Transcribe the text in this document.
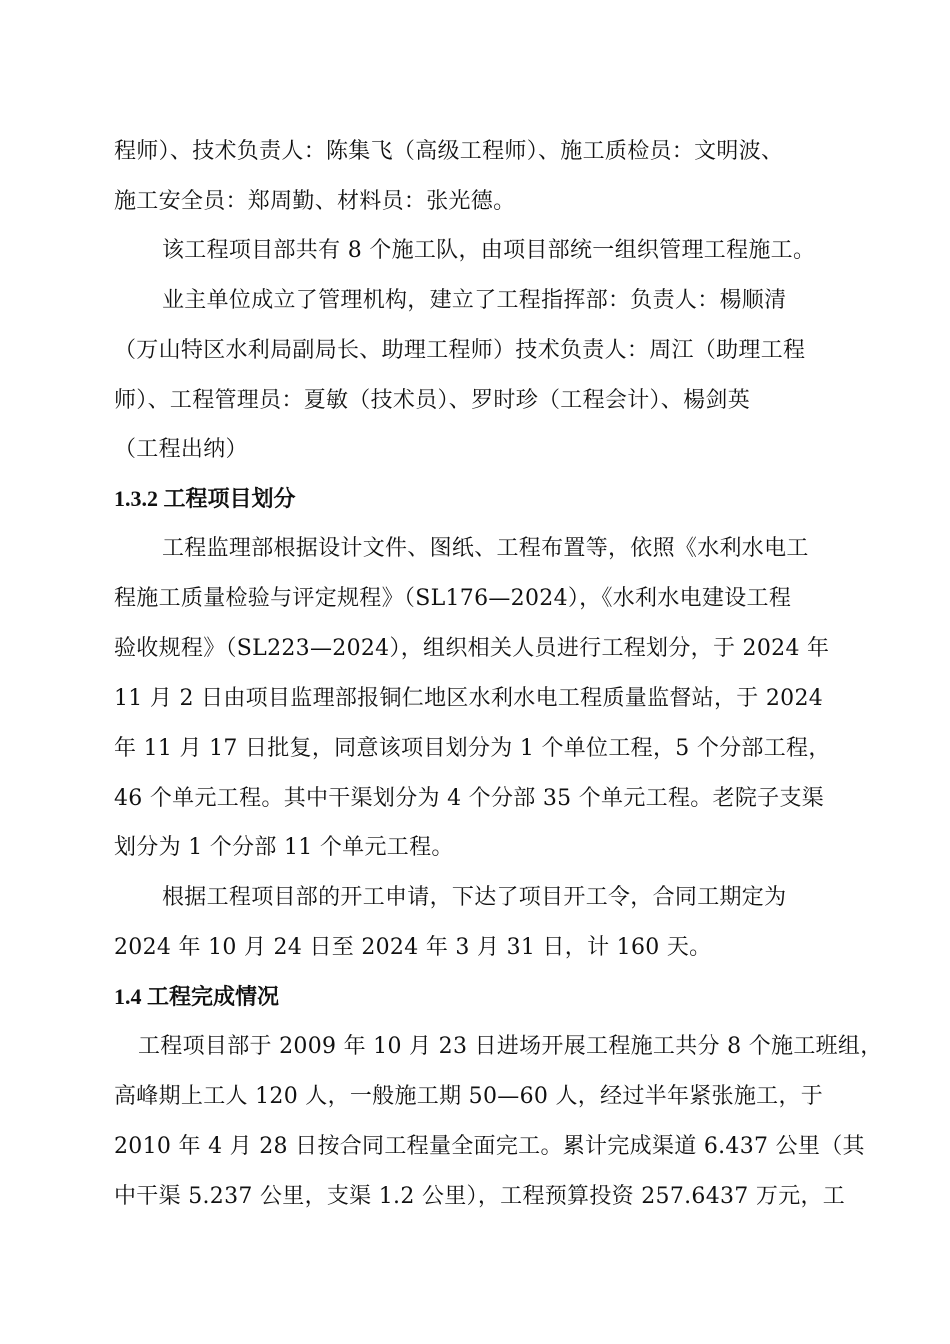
程师）、技术负责人：陈集飞（高级工程师）、施工质检员：文明波、
施工安全员：郑周勤、材料员：张光德。
该工程项目部共有 8 个施工队，由项目部统一组织管理工程施工。
业主单位成立了管理机构，建立了工程指挥部：负责人：楊顺清
（万山特区水利局副局长、助理工程师）技术负责人：周江（助理工程
师）、工程管理员：夏敏（技术员）、罗时珍（工程会计）、楊剑英
（工程出纳）
1.3.2 工程项目划分
工程监理部根据设计文件、图纸、工程布置等，依照《水利水电工
程施工质量检验与评定规程》（SL176—2024），《水利水电建设工程
验收规程》（SL223—2024），组织相关人员进行工程划分，于 2024 年
11 月 2 日由项目监理部报铜仁地区水利水电工程质量监督站，于 2024
年 11 月 17 日批复，同意该项目划分为 1 个单位工程，5 个分部工程，
46 个单元工程。其中干渠划分为 4 个分部 35 个单元工程。老院子支渠
划分为 1 个分部 11 个单元工程。
根据工程项目部的开工申请，下达了项目开工令，合同工期定为
2024 年 10 月 24 日至 2024 年 3 月 31 日，计 160 天。
1.4 工程完成情况
工程项目部于 2009 年 10 月 23 日进场开展工程施工共分 8 个施工班组，
高峰期上工人 120 人，一般施工期 50—60 人，经过半年紧张施工，于
2010 年 4 月 28 日按合同工程量全面完工。累计完成渠道 6.437 公里（其
中干渠 5.237 公里，支渠 1.2 公里），工程预算投资 257.6437 万元，工
